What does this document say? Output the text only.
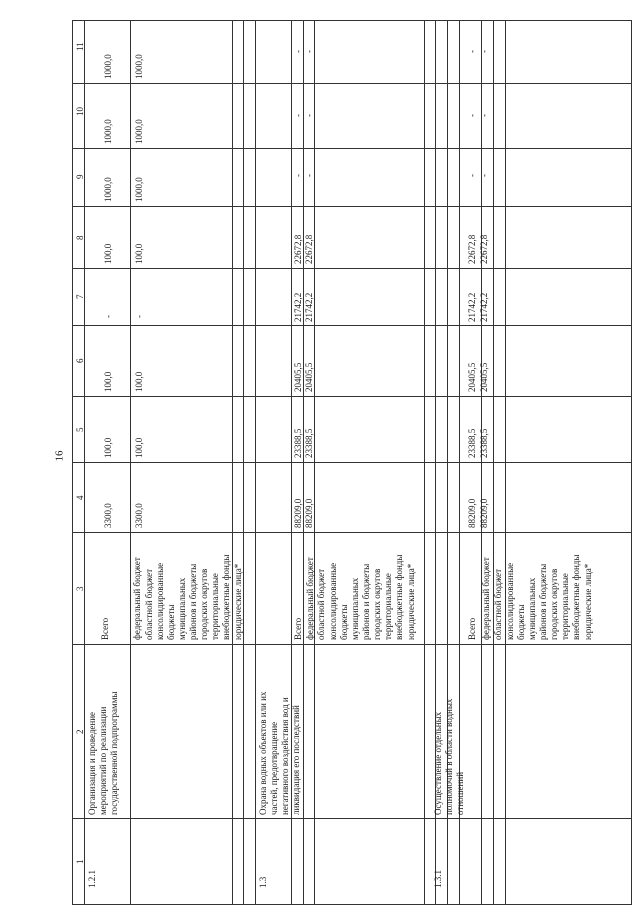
16
11
10
9
8
7
6
5
4
3
2
1
1.2.1
Организация и проведение мероприятий по реализации государственной подпрограммы
Всего федеральный бюджет областной бюджет консолидированные бюджеты муниципальных районов и бюджеты городских округов территориальные внебюджетные фонды юридические лица*
3300,0
100,0
100,0
-
100,0
1000,0
1000,0
1000,0
3300,0
100,0
100,0
-
100,0
1000,0
1000,0
1000,0
1.3
Охрана водных объектов или их частей, предотвращение негативного воздействия вод и ликвидация его последствий
Всего федеральный бюджет областной бюджет консолидированные бюджеты муниципальных районов и бюджеты городских округов территориальные внебюджетные фонды юридические лица*
88209,0
23388,5
20405,5
21742,2
22672,8
-
-
-
88209,0
23388,5
20405,5
21742,2
22672,8
-
-
-
1.3.1
Осуществление отдельных полномочий в области водных отношений
Всего федеральный бюджет областной бюджет консолидированные бюджеты муниципальных районов и бюджеты городских округов территориальные внебюджетные фонды юридические лица*
88209,0
23388,5
20405,5
21742,2
22672,8
-
-
-
88209,0
23388,5
20405,5
21742,2
22672,8
-
-
-
